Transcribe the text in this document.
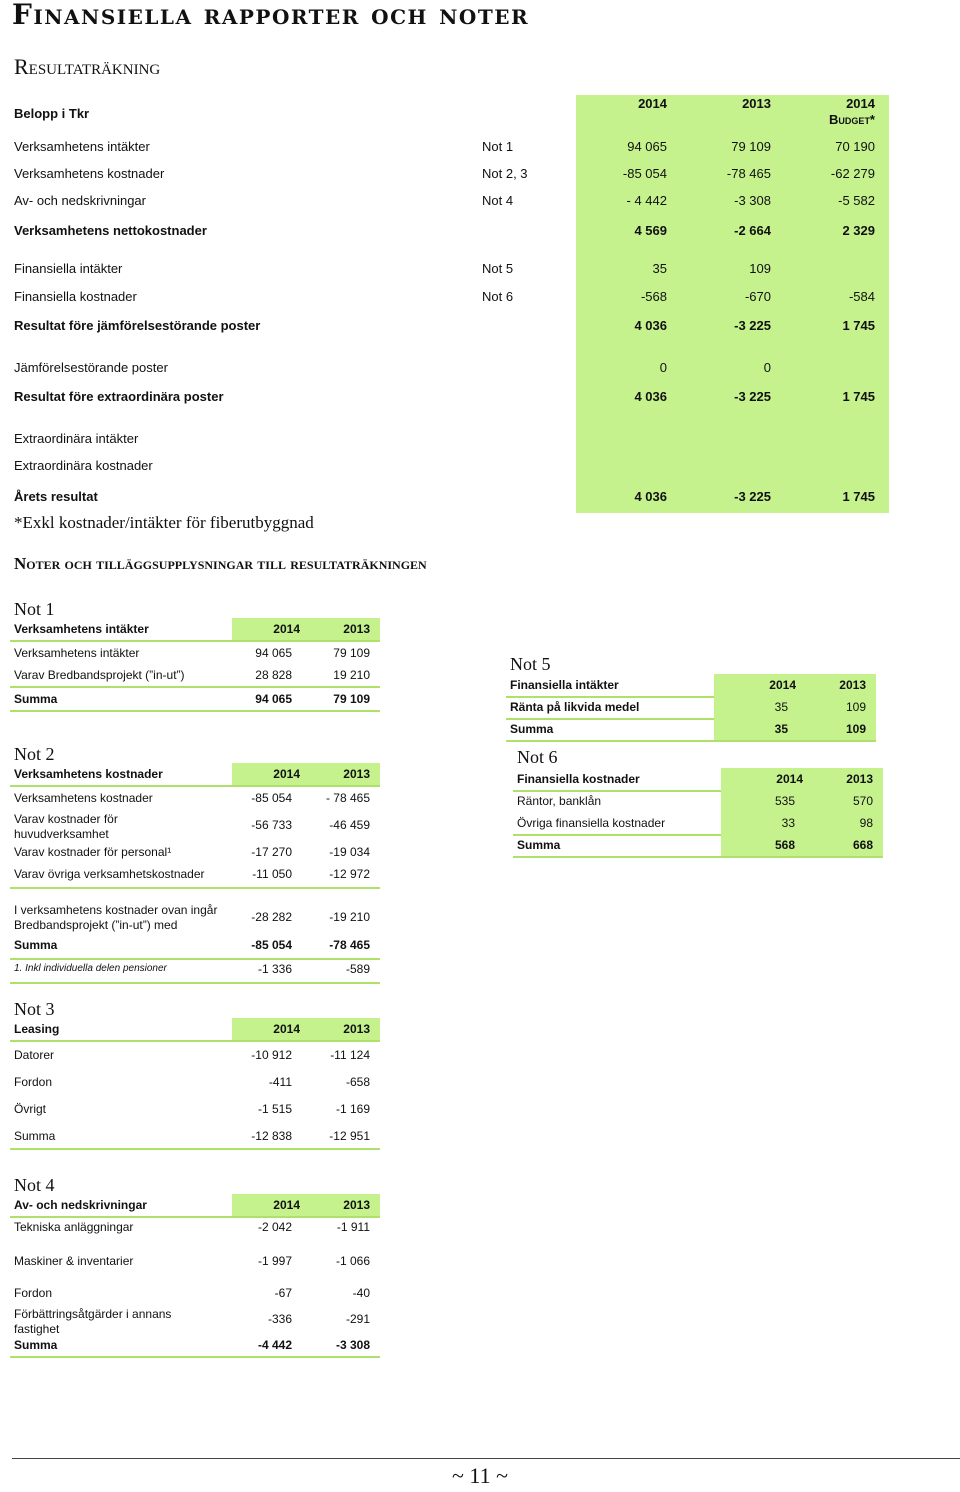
Finansiella rapporter och noter
Resultaträkning
Belopp i Tkr
2014	2013	2014
Budget*
Verksamhetens intäkter	Not 1	94 065	79 109	70 190
Verksamhetens kostnader	Not 2, 3	-85 054	-78 465	-62 279
Av- och nedskrivningar	Not 4	- 4 442	-3 308	-5 582
Verksamhetens nettokostnader	4 569	-2 664	2 329
Finansiella intäkter	Not 5	35	109
Finansiella kostnader	Not 6	-568	-670	-584
Resultat före jämförelsestörande poster	4 036	-3 225	1 745
Jämförelsestörande poster	0	0
Resultat före extraordinära poster	4 036	-3 225	1 745
Extraordinära intäkter
Extraordinära kostnader
Årets resultat	4 036	-3 225	1 745
*Exkl kostnader/intäkter för fiberutbyggnad
Noter och tilläggsupplysningar till resultaträkningen
Not 1
Verksamhetens intäkter	2014	2013
Verksamhetens intäkter	94 065	79 109
Varav Bredbandsprojekt (”in-ut”)	28 828	19 210
Summa	94 065	79 109
Not 2
Verksamhetens kostnader	2014	2013
Verksamhetens kostnader	-85 054	- 78 465
Varav kostnader för huvudverksamhet
-56 733	-46 459
Varav kostnader för personal¹	-17 270	-19 034
Varav övriga verksamhetskostnader	-11 050	-12 972
I verksamhetens kostnader ovan ingår Bredbandsprojekt (”in-ut”) med
-28 282	-19 210
Summa	-85 054	-78 465
1. Inkl individuella delen pensioner	-1 336	-589
Not 3
Leasing	2014	2013
Datorer	-10 912	-11 124
Fordon	-411	-658
Övrigt	-1 515	-1 169
Summa	-12 838	-12 951
Not 4
Av- och nedskrivningar	2014	2013
Tekniska anläggningar	-2 042	-1 911
Maskiner & inventarier	-1 997	-1 066
Fordon	-67	-40
Förbättringsåtgärder i annans fastighet
-336	-291
Summa	-4 442	-3 308
Not 5
Finansiella intäkter	2014	2013
Ränta på likvida medel	35	109
Summa	35	109
Not 6
Finansiella kostnader	2014	2013
Räntor, banklån	535	570
Övriga finansiella kostnader	33	98
Summa	568	668
~ 11 ~
